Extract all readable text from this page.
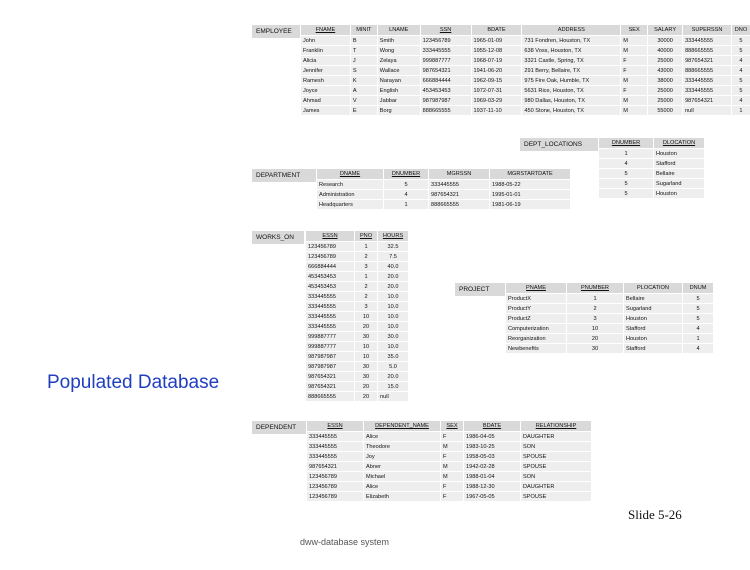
EMPLOYEE	FNAME	MINIT	LNAME	SSN	BDATE	ADDRESS	SEX	SALARY	SUPERSSN	DNO
John	B	Smith	123456789	1965-01-09	731 Fondren, Houston, TX	M	30000	333445555	5
Franklin	T	Wong	333445555	1955-12-08	638 Voss, Houston, TX	M	40000	888665555	5
Alicia	J	Zelaya	999887777	1968-07-19	3321 Castle, Spring, TX	F	25000	987654321	4
Jennifer	S	Wallace	987654321	1941-06-20	291 Berry, Bellaire, TX	F	43000	888665555	4
Ramesh	K	Narayan	666884444	1962-09-15	975 Fire Oak, Humble, TX	M	38000	333445555	5
Joyce	A	English	453453453	1972-07-31	5631 Rice, Houston, TX	F	25000	333445555	5
Ahmad	V	Jabbar	987987987	1969-03-29	980 Dallas, Houston, TX	M	25000	987654321	4
James	E	Borg	888665555	1937-11-10	450 Stone, Houston, TX	M	55000	null	1
DEPT_LOCATIONS	DNUMBER	DLOCATION
1	Houston
4	Stafford
5	Bellaire
5	Sugarland
5	Houston
DEPARTMENT	DNAME	DNUMBER	MGRSSN	MGRSTARTDATE
Research	5	333445555	1988-05-22
Administration	4	987654321	1995-01-01
Headquarters	1	888665555	1981-06-19
WORKS_ON	ESSN	PNO	HOURS
123456789	1	32.5
123456789	2	7.5
666884444	3	40.0
453453453	1	20.0
453453453	2	20.0
333445555	2	10.0
333445555	3	10.0
333445555	10	10.0
333445555	20	10.0
999887777	30	30.0
999887777	10	10.0
987987987	10	35.0
987987987	30	5.0
987654321	30	20.0
987654321	20	15.0
888665555	20	null
PROJECT	PNAME	PNUMBER	PLOCATION	DNUM
ProductX	1	Bellaire	5
ProductY	2	Sugarland	5
ProductZ	3	Houston	5
Computerization	10	Stafford	4
Reorganization	20	Houston	1
Newbenefits	30	Stafford	4
DEPENDENT	ESSN	DEPENDENT_NAME	SEX	BDATE	RELATIONSHIP
333445555	Alice	F	1986-04-05	DAUGHTER
333445555	Theodore	M	1983-10-25	SON
333445555	Joy	F	1958-05-03	SPOUSE
987654321	Abner	M	1942-02-28	SPOUSE
123456789	Michael	M	1988-01-04	SON
123456789	Alice	F	1988-12-30	DAUGHTER
123456789	Elizabeth	F	1967-05-05	SPOUSE
Populated Database
Slide 5-26
dww-database system
